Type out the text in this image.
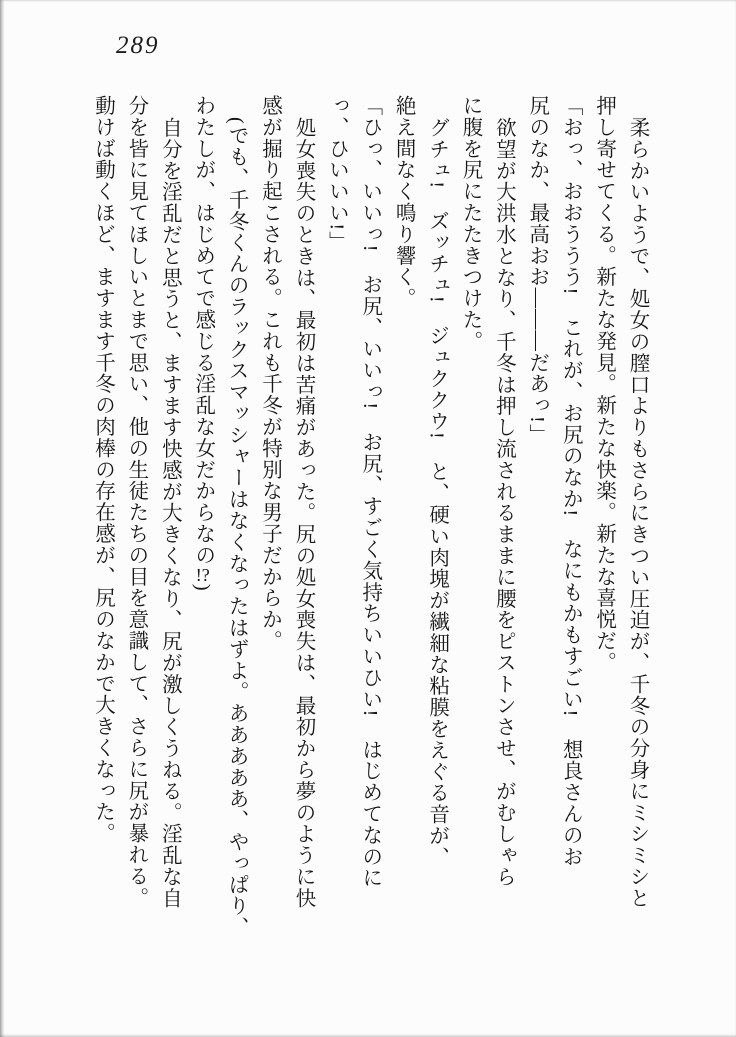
289
柔らかいようで、処女の膣口よりもさらにきつい圧迫が、千冬の分身にミシミシと
押し寄せてくる。新たな発見。新たな快楽。新たな喜悦だ。
「おっ、おおううう!　これが、お尻のなか!　なにもかもすごい!　想良さんのお
尻のなか、最高おお―――だあっ!」
欲望が大洪水となり、千冬は押し流されるままに腰をピストンさせ、がむしゃら
に腹を尻にたたきつけた。
グチュ!　ズッチュ!　ジュククウ!　と、硬い肉塊が繊細な粘膜をえぐる音が、
絶え間なく鳴り響く。
「ひっ、いいっ!　お尻、いいっ!　お尻、すごく気持ちいいひい!　はじめてなのに
っ、ひいいい!」
処女喪失のときは、最初は苦痛があった。尻の処女喪失は、最初から夢のように快
感が掘り起こされる。これも千冬が特別な男子だからか。
(でも、千冬くんのラックスマッシャーはなくなったはずよ。あああああ、やっぱり、
わたしが、はじめてで感じる淫乱な女だからなの!?)
自分を淫乱だと思うと、ますます快感が大きくなり、尻が激しくうねる。淫乱な自
分を皆に見てほしいとまで思い、他の生徒たちの目を意識して、さらに尻が暴れる。
動けば動くほど、ますます千冬の肉棒の存在感が、尻のなかで大きくなった。
